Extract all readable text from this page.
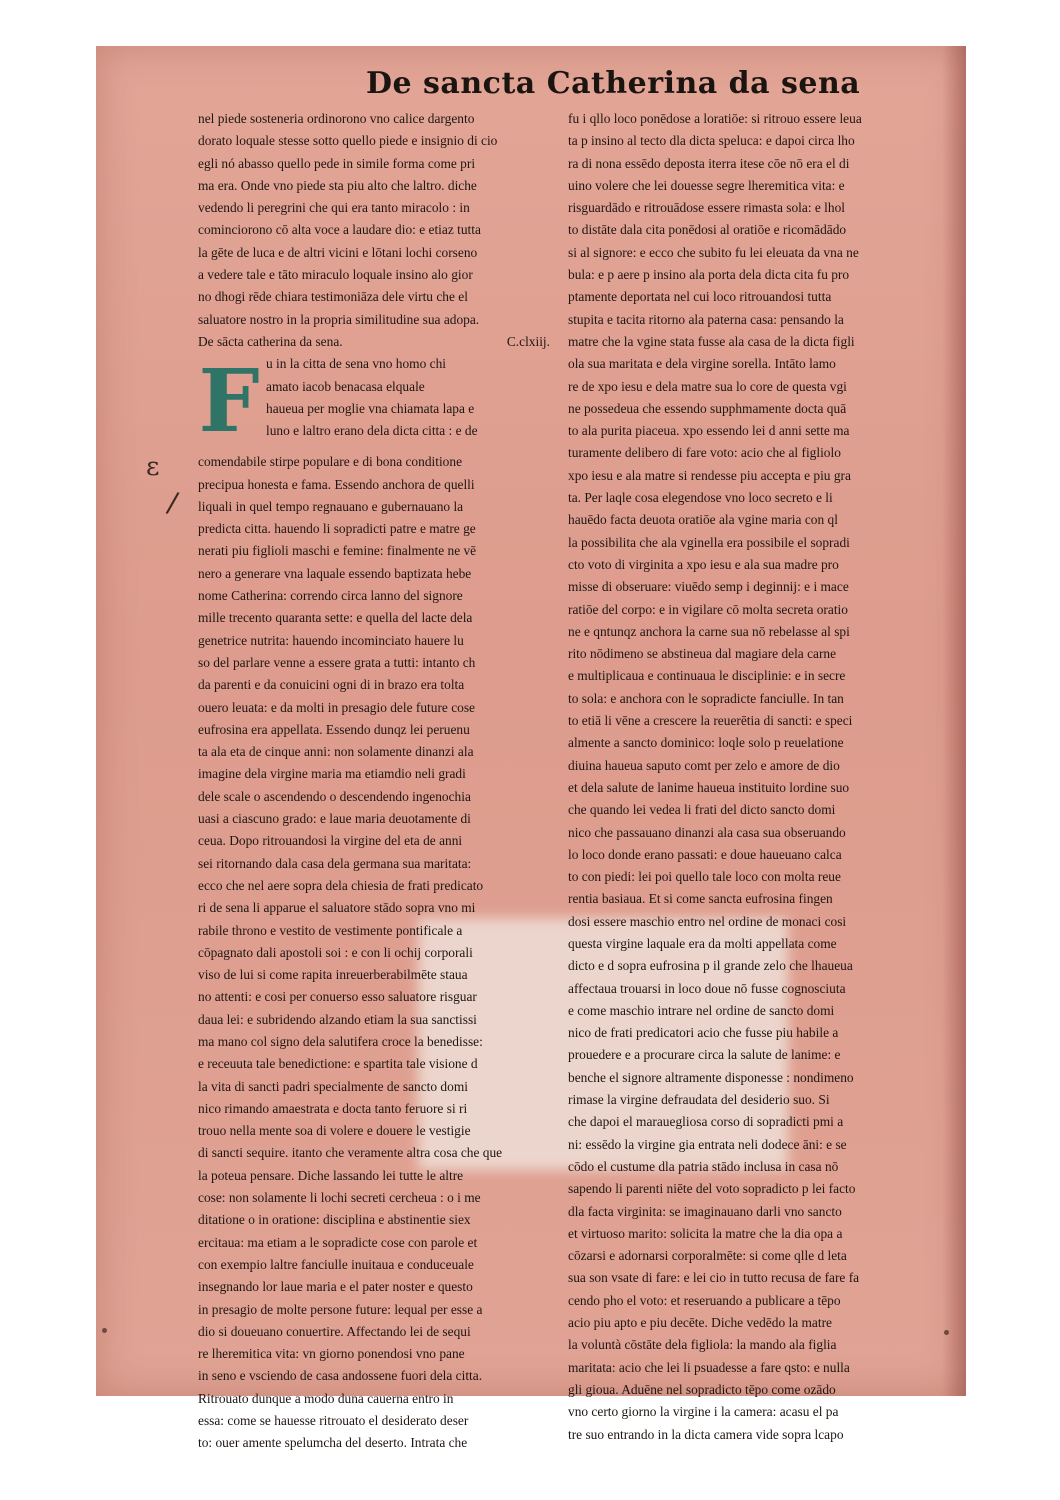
De sancta Catherina da sena
nel piede sosteneria ordinorono vno calice dargento
dorato loquale stesse sotto quello piede e insignio di cio
egli nó abasso quello pede in simile forma come pri
ma era. Onde vno piede sta piu alto che laltro. diche
vedendo li peregrini che qui era tanto miracolo : in
cominciorono cō alta voce a laudare dio: e etiaz tutta
la gēte de luca e de altri vicini e lōtani lochi corseno
a vedere tale e tāto miraculo loquale insino alo gior
no dhogi rēde chiara testimoniāza dele virtu che el
saluatore nostro in la propria similitudine sua adopa.
De sācta catherina da sena.	C.clxiij.
F u in la citta de sena vno homo chi
amato iacob benacasa elquale
haueua per moglie vna chiamata lapa e
luno e laltro erano dela dicta citta : e de
comendabile stirpe populare e di bona conditione
precipua honesta e fama. Essendo anchora de quelli
liquali in quel tempo regnauano e gubernauano la
predicta citta. hauendo li sopradicti patre e matre ge
nerati piu figlioli maschi e femine: finalmente ne vē
nero a generare vna laquale essendo baptizata hebe
nome Catherina: correndo circa lanno del signore
mille trecento quaranta sette: e quella del lacte dela
genetrice nutrita: hauendo incominciato hauere lu
so del parlare venne a essere grata a tutti: intanto ch
da parenti e da conuicini ogni di in brazo era tolta
ouero leuata: e da molti in presagio dele future cose
eufrosina era appellata. Essendo dunqz lei peruenu
ta ala eta de cinque anni: non solamente dinanzi ala
imagine dela virgine maria ma etiamdio neli gradi
dele scale o ascendendo o descendendo ingenochia
uasi a ciascuno grado: e laue maria deuotamente di
ceua. Dopo ritrouandosi la virgine del eta de anni
sei ritornando dala casa dela germana sua maritata:
ecco che nel aere sopra dela chiesia de frati predicato
ri de sena li apparue el saluatore stādo sopra vno mi
rabile throno e vestito de vestimente pontificale a
cōpagnato dali apostoli soi : e con li ochij corporali
viso de lui si come rapita inreuerberabilmēte staua
no attenti: e cosi per conuerso esso saluatore risguar
daua lei: e subridendo alzando etiam la sua sanctissi
ma mano col signo dela salutifera croce la benedisse:
e receuuta tale benedictione: e spartita tale visione d
la vita di sancti padri specialmente de sancto domi
nico rimando amaestrata e docta tanto feruore si ri
trouo nella mente soa di volere e douere le vestigie
di sancti sequire. itanto che veramente altra cosa che que
la poteua pensare. Diche lassando lei tutte le altre
cose: non solamente li lochi secreti cercheua : o i me
ditatione o in oratione: disciplina e abstinentie siex
ercitaua: ma etiam a le sopradicte cose con parole et
con exempio laltre fanciulle inuitaua e conduceuale
insegnando lor laue maria e el pater noster e questo
in presagio de molte persone future: lequal per esse a
dio si doueuano conuertire. Affectando lei de sequi
re lheremitica vita: vn giorno ponendosi vno pane
in seno e vsciendo de casa andossene fuori dela citta.
Ritrouato dunque a modo duna cauerna entro in
essa: come se hauesse ritrouato el desiderato deser
to: ouer amente spelumcha del deserto. Intrata che
fu i qllo loco ponēdose a loratiōe: si ritrouo essere leua
ta p insino al tecto dla dicta speluca: e dapoi circa lho
ra di nona essēdo deposta iterra itese cōe nō era el di
uino volere che lei douesse segre lheremitica vita: e
risguardādo e ritrouādose essere rimasta sola: e lhol
to distāte dala cita ponēdosi al oratiōe e ricomādādo
si al signore: e ecco che subito fu lei eleuata da vna ne
bula: e p aere p insino ala porta dela dicta cita fu pro
ptamente deportata nel cui loco ritrouandosi tutta
stupita e tacita ritorno ala paterna casa: pensando la
matre che la vgine stata fusse ala casa de la dicta figli
ola sua maritata e dela virgine sorella. Intāto lamo
re de xpo iesu e dela matre sua lo core de questa vgi
ne possedeua che essendo supphmamente docta quā
to ala purita piaceua. xpo essendo lei d anni sette ma
turamente delibero di fare voto: acio che al figliolo
xpo iesu e ala matre si rendesse piu accepta e piu gra
ta. Per laqle cosa elegendose vno loco secreto e li
hauēdo facta deuota oratiōe ala vgine maria con ql
la possibilita che ala vginella era possibile el sopradi
cto voto di virginita a xpo iesu e ala sua madre pro
misse di obseruare: viuēdo semp i deginnij: e i mace
ratiōe del corpo: e in vigilare cō molta secreta oratio
ne e qntunqz anchora la carne sua nō rebelasse al spi
rito nōdimeno se abstineua dal magiare dela carne
e multiplicaua e continuaua le disciplinie: e in secre
to sola: e anchora con le sopradicte fanciulle. In tan
to etiā li vēne a crescere la reuerētia di sancti: e speci
almente a sancto dominico: loqle solo p reuelatione
diuina haueua saputo comt per zelo e amore de dio
et dela salute de lanime haueua instituito lordine suo
che quando lei vedea li frati del dicto sancto domi
nico che passauano dinanzi ala casa sua obseruando
lo loco donde erano passati: e doue haueuano calca
to con piedi: lei poi quello tale loco con molta reue
rentia basiaua. Et si come sancta eufrosina fingen
dosi essere maschio entro nel ordine de monaci cosi
questa virgine laquale era da molti appellata come
dicto e d sopra eufrosina p il grande zelo che lhaueua
affectaua trouarsi in loco doue nō fusse cognosciuta
e come maschio intrare nel ordine de sancto domi
nico de frati predicatori acio che fusse piu habile a
prouedere e a procurare circa la salute de lanime: e
benche el signore altramente disponesse : nondimeno
rimase la virgine defraudata del desiderio suo. Si
che dapoi el marauegliosa corso di sopradicti pmi a
ni: essēdo la virgine gia entrata neli dodece āni: e se
cōdo el custume dla patria stādo inclusa in casa nō
sapendo li parenti niēte del voto sopradicto p lei facto
dla facta virginita: se imaginauano darli vno sancto
et virtuoso marito: solicita la matre che la dia opa a
cōzarsi e adornarsi corporalmēte: si come qlle d leta
sua son vsate di fare: e lei cio in tutto recusa de fare fa
cendo pho el voto: et reseruando a publicare a tēpo
acio piu apto e piu decēte. Diche vedēdo la matre
la voluntà cōstāte dela figliola: la mando ala figlia
maritata: acio che lei li psuadesse a fare qsto: e nulla
gli gioua. Aduēne nel sopradicto tēpo come ozādo
vno certo giorno la virgine i la camera: acasu el pa
tre suo entrando in la dicta camera vide sopra lcapo
ɛ
/
